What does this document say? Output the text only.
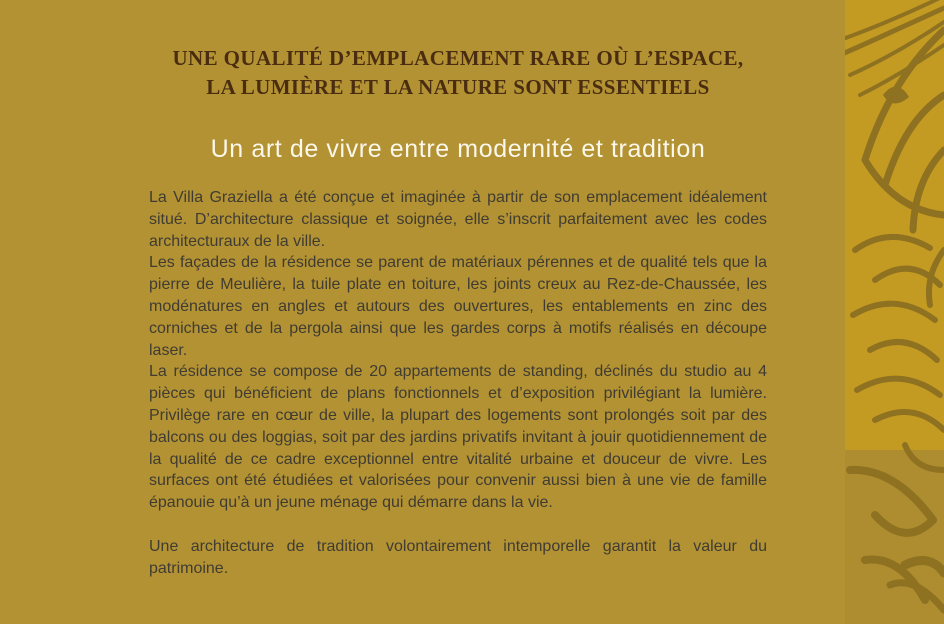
UNE QUALITÉ D’EMPLACEMENT RARE OÙ L’ESPACE,
LA LUMIÈRE ET LA NATURE SONT ESSENTIELS
Un art de vivre entre modernité et tradition

La Villa Graziella a été conçue et imaginée à partir de son emplacement idéalement situé. D’architecture classique et soignée, elle s’inscrit parfaitement avec les codes architecturaux de la ville.

Les façades de la résidence se parent de matériaux pérennes et de qualité tels que la pierre de Meulière, la tuile plate en toiture, les joints creux au Rez-de-Chaussée, les modénatures en angles et autours des ouvertures, les entablements en zinc des corniches et de la pergola ainsi que les gardes corps à motifs réalisés en découpe laser.

La résidence se compose de 20 appartements de standing, déclinés du studio au 4 pièces qui bénéficient de plans fonctionnels et d’exposition privilégiant la lumière. Privilège rare en cœur de ville, la plupart des logements sont prolongés soit par des balcons ou des loggias, soit par des jardins privatifs invitant à jouir quotidiennement de la qualité de ce cadre exceptionnel entre vitalité urbaine et douceur de vivre. Les surfaces ont été étudiées et valorisées pour convenir aussi bien à une vie de famille épanouie qu’à un jeune ménage qui démarre dans la vie.

Une architecture de tradition volontairement intemporelle garantit la valeur du patrimoine.
